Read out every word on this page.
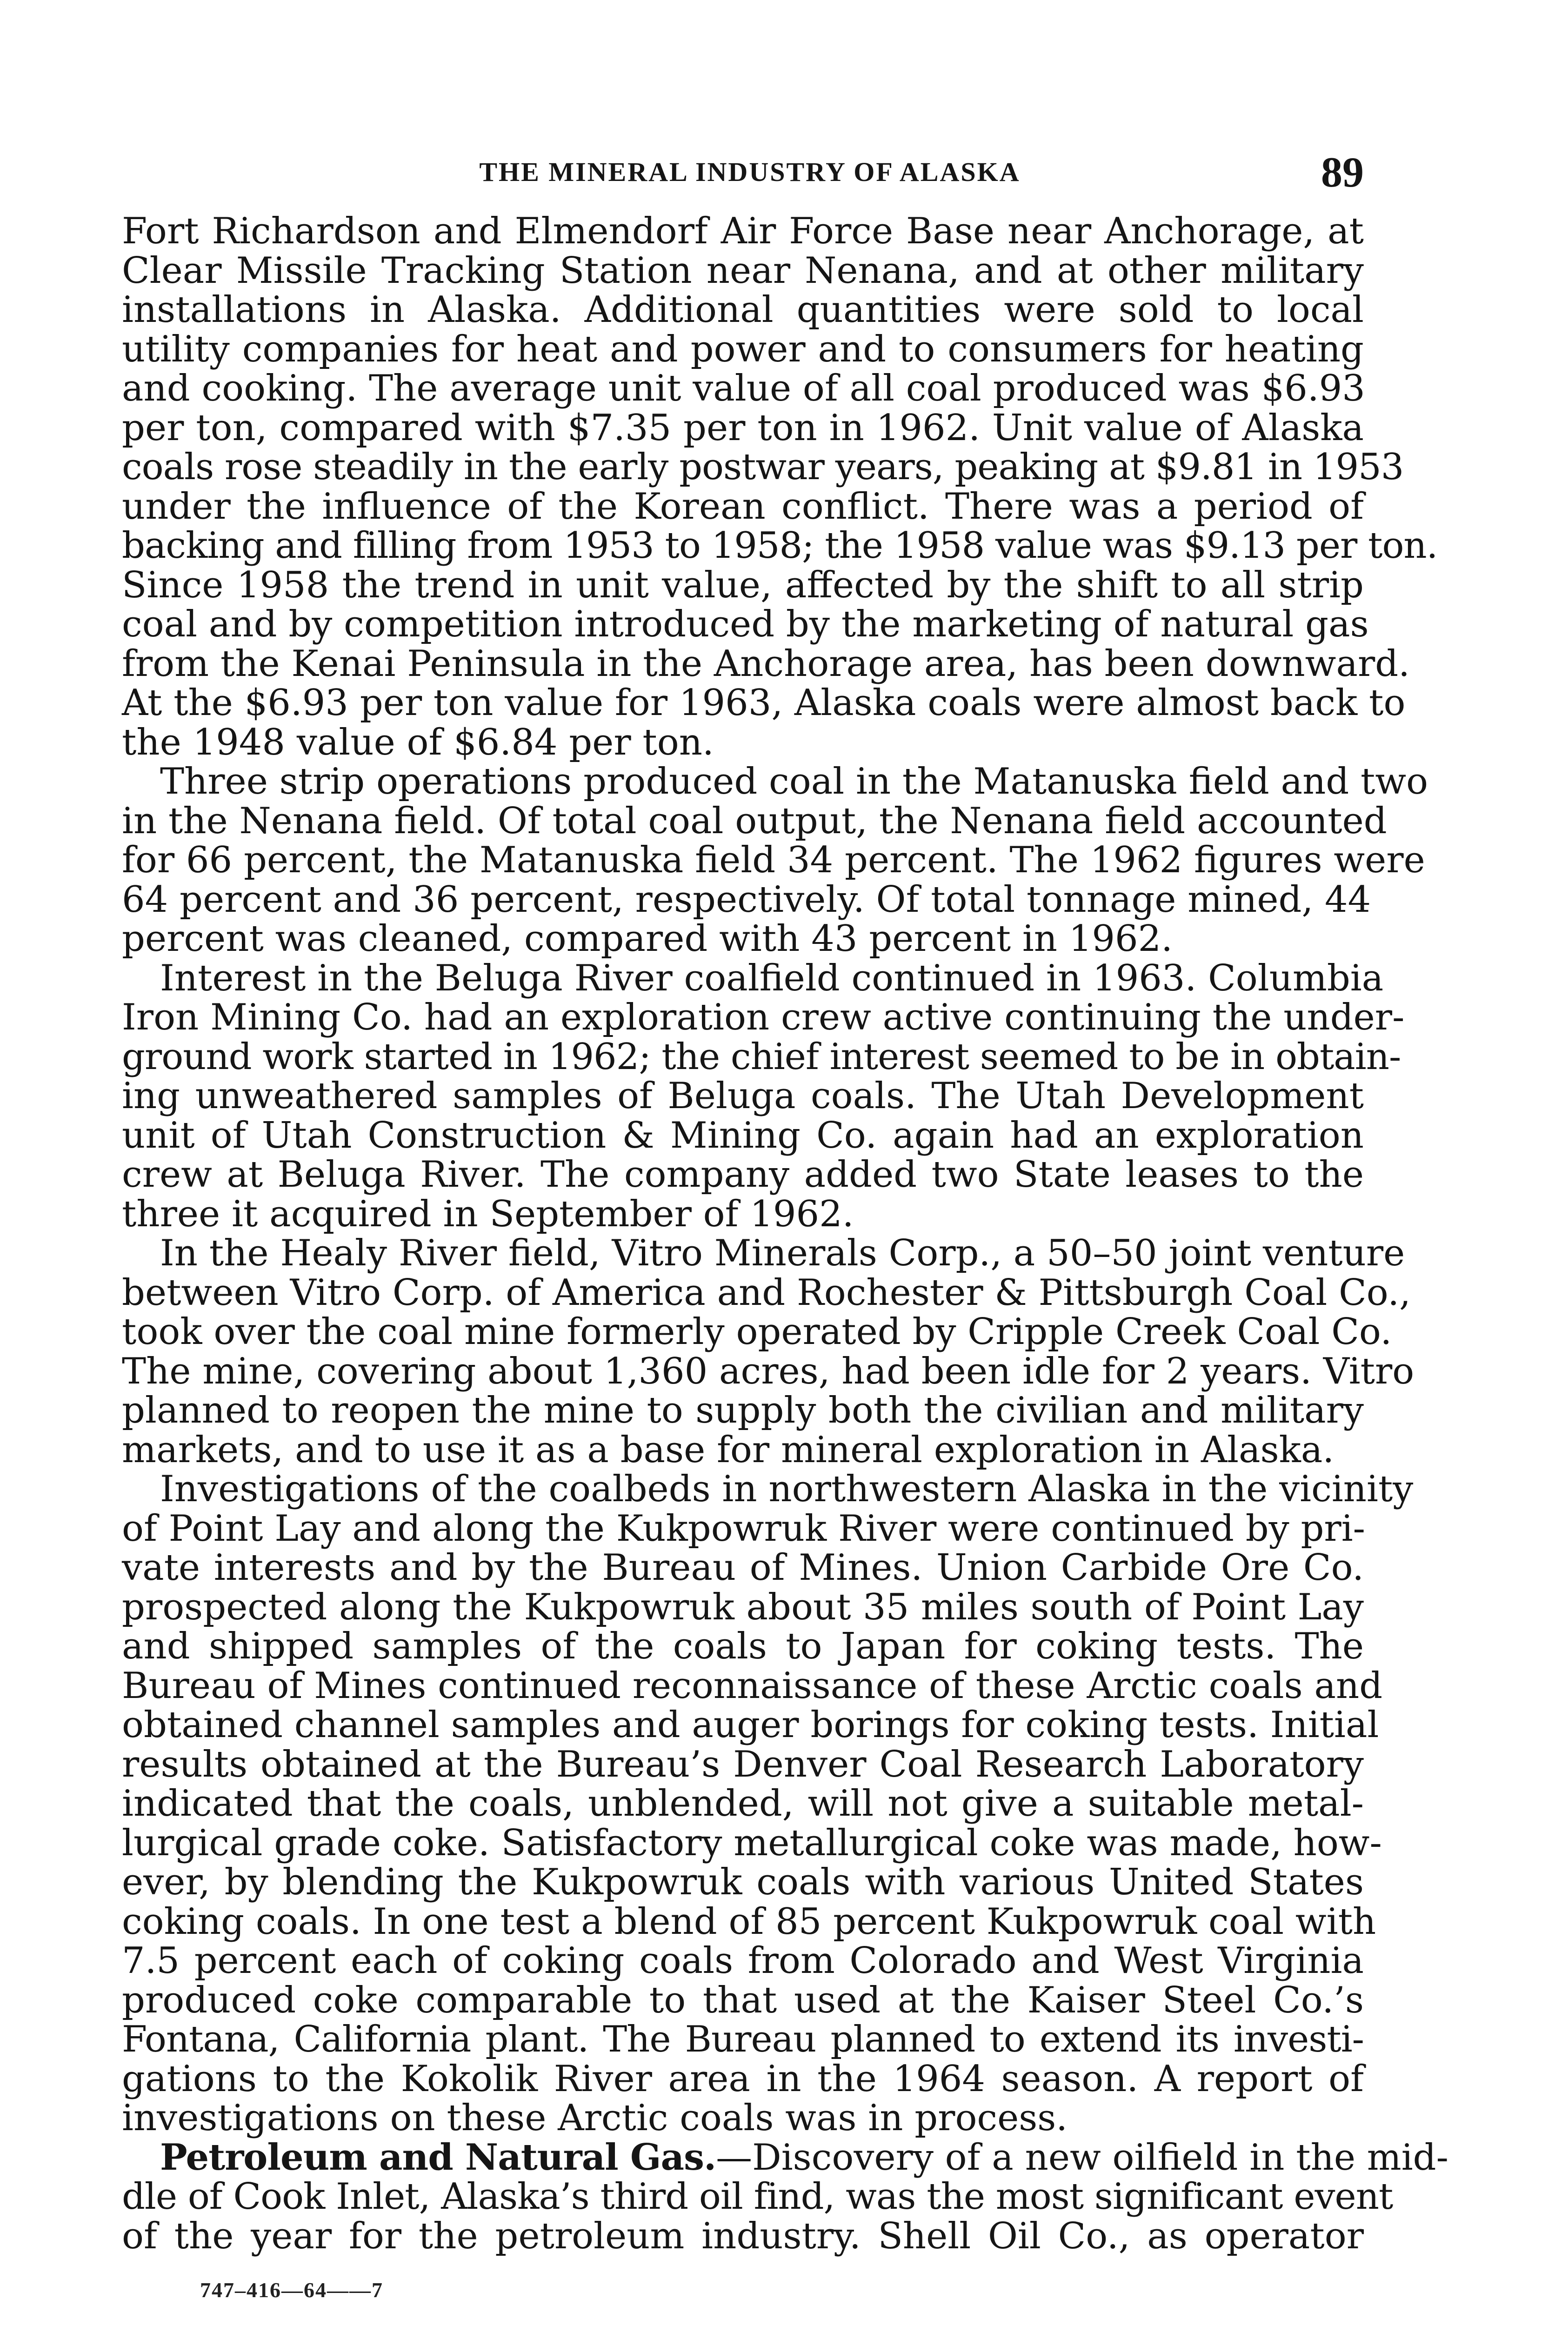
THE MINERAL INDUSTRY OF ALASKA	89
Fort Richardson and Elmendorf Air Force Base near Anchorage, at
Clear Missile Tracking Station near Nenana, and at other military
installations in Alaska. Additional quantities were sold to local
utility companies for heat and power and to consumers for heating
and cooking. The average unit value of all coal produced was $6.93
per ton, compared with $7.35 per ton in 1962. Unit value of Alaska
coals rose steadily in the early postwar years, peaking at $9.81 in 1953
under the influence of the Korean conflict. There was a period of
backing and filling from 1953 to 1958; the 1958 value was $9.13 per ton.
Since 1958 the trend in unit value, affected by the shift to all strip
coal and by competition introduced by the marketing of natural gas
from the Kenai Peninsula in the Anchorage area, has been downward.
At the $6.93 per ton value for 1963, Alaska coals were almost back to
the 1948 value of $6.84 per ton.
Three strip operations produced coal in the Matanuska field and two
in the Nenana field. Of total coal output, the Nenana field accounted
for 66 percent, the Matanuska field 34 percent. The 1962 figures were
64 percent and 36 percent, respectively. Of total tonnage mined, 44
percent was cleaned, compared with 43 percent in 1962.
Interest in the Beluga River coalfield continued in 1963. Columbia
Iron Mining Co. had an exploration crew active continuing the under-
ground work started in 1962; the chief interest seemed to be in obtain-
ing unweathered samples of Beluga coals. The Utah Development
unit of Utah Construction & Mining Co. again had an exploration
crew at Beluga River. The company added two State leases to the
three it acquired in September of 1962.
In the Healy River field, Vitro Minerals Corp., a 50–50 joint venture
between Vitro Corp. of America and Rochester & Pittsburgh Coal Co.,
took over the coal mine formerly operated by Cripple Creek Coal Co.
The mine, covering about 1,360 acres, had been idle for 2 years. Vitro
planned to reopen the mine to supply both the civilian and military
markets, and to use it as a base for mineral exploration in Alaska.
Investigations of the coalbeds in northwestern Alaska in the vicinity
of Point Lay and along the Kukpowruk River were continued by pri-
vate interests and by the Bureau of Mines. Union Carbide Ore Co.
prospected along the Kukpowruk about 35 miles south of Point Lay
and shipped samples of the coals to Japan for coking tests. The
Bureau of Mines continued reconnaissance of these Arctic coals and
obtained channel samples and auger borings for coking tests. Initial
results obtained at the Bureau’s Denver Coal Research Laboratory
indicated that the coals, unblended, will not give a suitable metal-
lurgical grade coke. Satisfactory metallurgical coke was made, how-
ever, by blending the Kukpowruk coals with various United States
coking coals. In one test a blend of 85 percent Kukpowruk coal with
7.5 percent each of coking coals from Colorado and West Virginia
produced coke comparable to that used at the Kaiser Steel Co.’s
Fontana, California plant. The Bureau planned to extend its investi-
gations to the Kokolik River area in the 1964 season. A report of
investigations on these Arctic coals was in process.
Petroleum and Natural Gas.—Discovery of a new oilfield in the mid-
dle of Cook Inlet, Alaska’s third oil find, was the most significant event
of the year for the petroleum industry. Shell Oil Co., as operator
747–416—64——7
